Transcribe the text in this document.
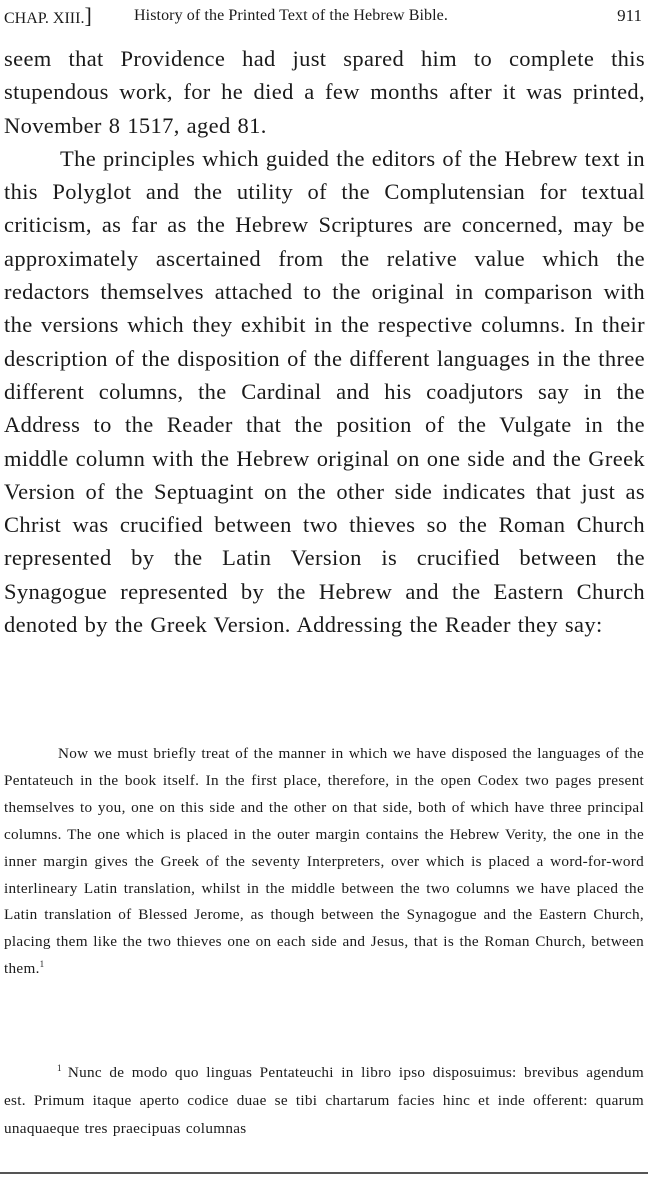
CHAP. XIII.]	History of the Printed Text of the Hebrew Bible.	911

seem that Providence had just spared him to complete this stupendous work, for he died a few months after it was printed, November 8 1517, aged 81.

The principles which guided the editors of the Hebrew text in this Polyglot and the utility of the Complutensian for textual criticism, as far as the Hebrew Scriptures are concerned, may be approximately ascertained from the relative value which the redactors themselves attached to the original in comparison with the versions which they exhibit in the respective columns. In their description of the disposition of the different languages in the three different columns, the Cardinal and his coadjutors say in the Address to the Reader that the position of the Vulgate in the middle column with the Hebrew original on one side and the Greek Version of the Septuagint on the other side indicates that just as Christ was crucified between two thieves so the Roman Church represented by the Latin Version is crucified between the Synagogue represented by the Hebrew and the Eastern Church denoted by the Greek Version. Addressing the Reader they say:

Now we must briefly treat of the manner in which we have disposed the languages of the Pentateuch in the book itself. In the first place, therefore, in the open Codex two pages present themselves to you, one on this side and the other on that side, both of which have three principal columns. The one which is placed in the outer margin contains the Hebrew Verity, the one in the inner margin gives the Greek of the seventy Interpreters, over which is placed a word-for-word interlineary Latin translation, whilst in the middle between the two columns we have placed the Latin translation of Blessed Jerome, as though between the Synagogue and the Eastern Church, placing them like the two thieves one on each side and Jesus, that is the Roman Church, between them.$^1$

$^1$ Nunc de modo quo linguas Pentateuchi in libro ipso disposuimus: brevibus agendum est. Primum itaque aperto codice duae se tibi chartarum facies hinc et inde offerent: quarum unaquaeque tres praecipuas columnas
